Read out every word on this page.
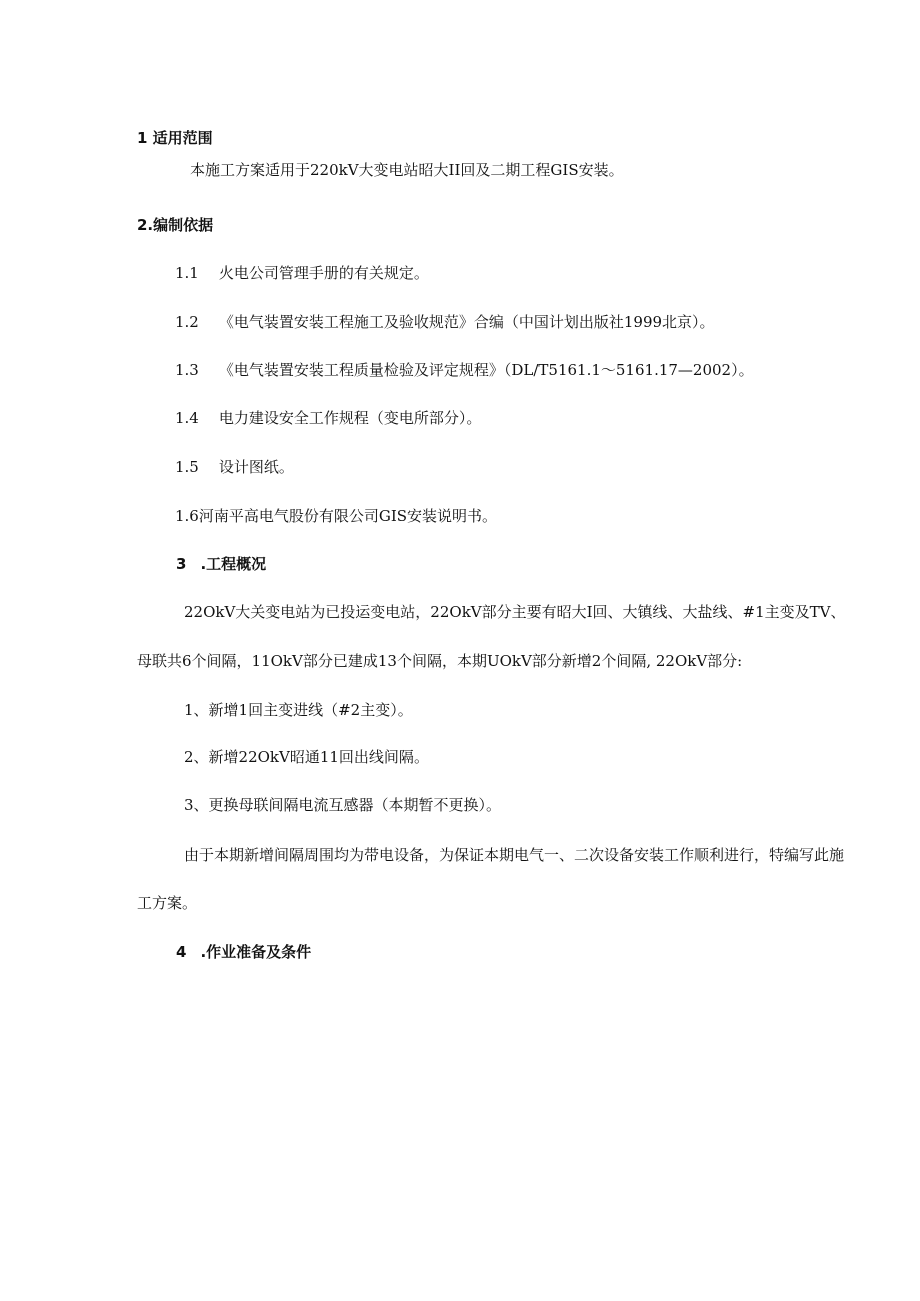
1 适用范围
本施工方案适用于220kV大变电站昭大II回及二期工程GIS安装。
2.编制依据
1.1 火电公司管理手册的有关规定。
1.2 《电气装置安装工程施工及验收规范》合编（中国计划出版社1999北京）。
1.3 《电气装置安装工程质量检验及评定规程》（DL/T5161.1～5161.17—2002）。
1.4 电力建设安全工作规程（变电所部分）。
1.5 设计图纸。
1.6河南平高电气股份有限公司GIS安装说明书。
3 .工程概况
22OkV大关变电站为已投运变电站，22OkV部分主要有昭大I回、大镇线、大盐线、#1主变及TV、
母联共6个间隔，11OkV部分已建成13个间隔，本期UOkV部分新增2个间隔, 22OkV部分:
1、新增1回主变进线（#2主变）。
2、新增22OkV昭通11回出线间隔。
3、更换母联间隔电流互感器（本期暂不更换）。
由于本期新增间隔周围均为带电设备，为保证本期电气一、二次设备安装工作顺利进行，特编写此施
工方案。
4 .作业准备及条件
